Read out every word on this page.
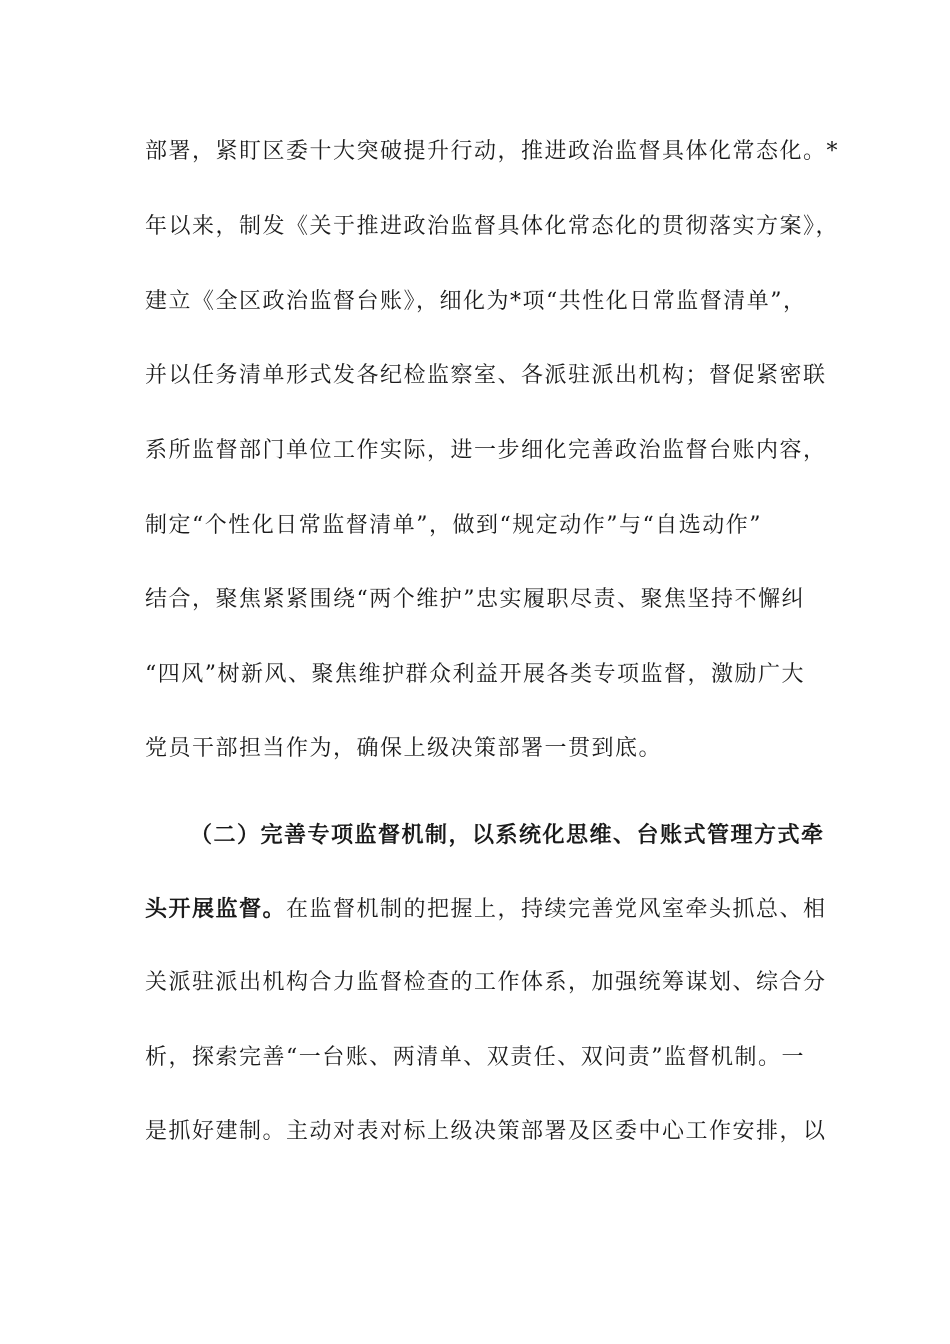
部署，紧盯区委十大突破提升行动，推进政治监督具体化常态化。*
年以来，制发《关于推进政治监督具体化常态化的贯彻落实方案》，
建立《全区政治监督台账》，细化为*项“共性化日常监督清单”，
并以任务清单形式发各纪检监察室、各派驻派出机构；督促紧密联
系所监督部门单位工作实际，进一步细化完善政治监督台账内容，
制定“个性化日常监督清单”，做到“规定动作”与“自选动作”
结合，聚焦紧紧围绕“两个维护”忠实履职尽责、聚焦坚持不懈纠
“四风”树新风、聚焦维护群众利益开展各类专项监督，激励广大
党员干部担当作为，确保上级决策部署一贯到底。
（二）完善专项监督机制，以系统化思维、台账式管理方式牵
头开展监督。在监督机制的把握上，持续完善党风室牵头抓总、相
关派驻派出机构合力监督检查的工作体系，加强统筹谋划、综合分
析，探索完善“一台账、两清单、双责任、双问责”监督机制。一
是抓好建制。主动对表对标上级决策部署及区委中心工作安排，以
